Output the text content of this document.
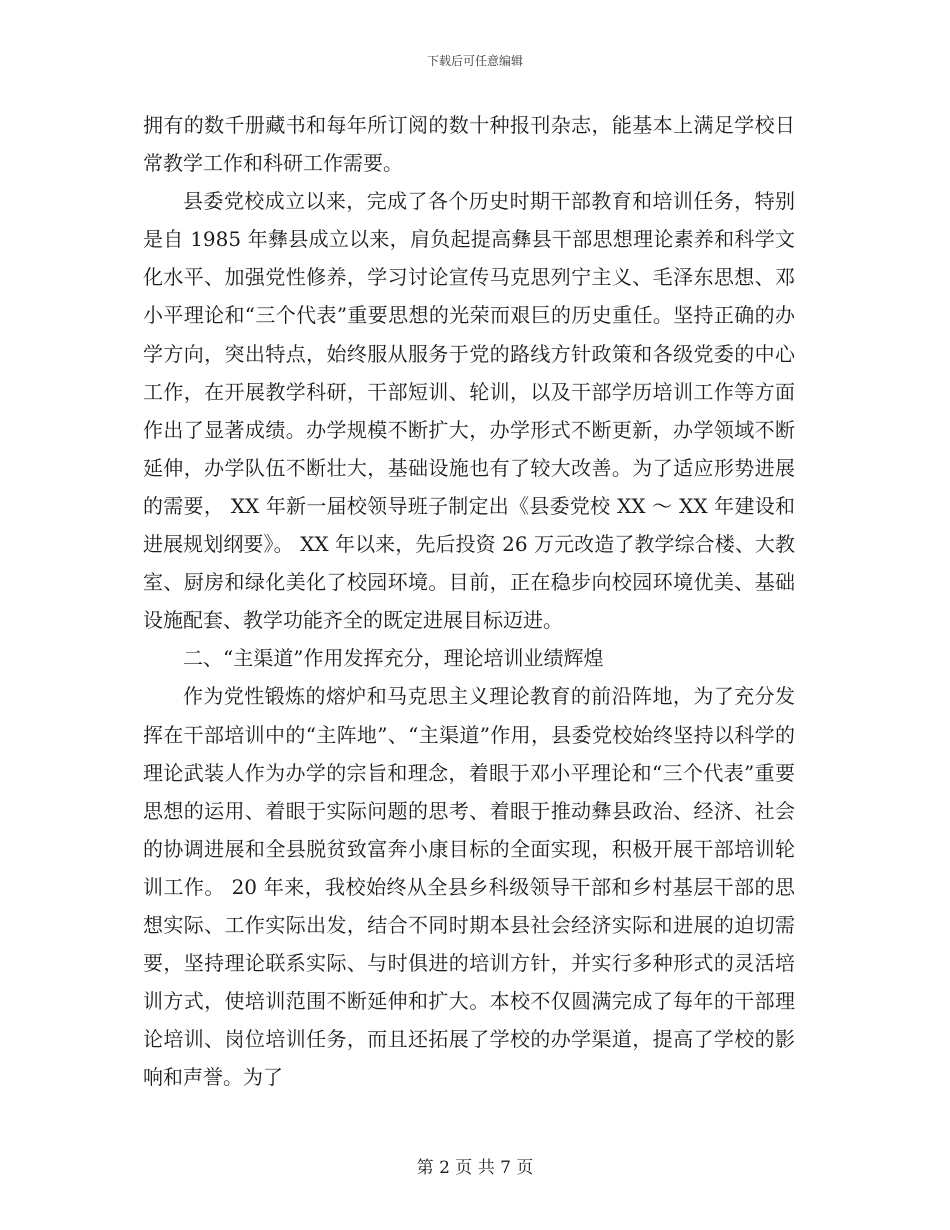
下载后可任意编辑

拥有的数千册藏书和每年所订阅的数十种报刊杂志，能基本上满足学校日常教学工作和科研工作需要。

县委党校成立以来，完成了各个历史时期干部教育和培训任务，特别是自 1985 年彝县成立以来，肩负起提高彝县干部思想理论素养和科学文化水平、加强党性修养，学习讨论宣传马克思列宁主义、毛泽东思想、邓小平理论和“三个代表”重要思想的光荣而艰巨的历史重任。坚持正确的办学方向，突出特点，始终服从服务于党的路线方针政策和各级党委的中心工作，在开展教学科研，干部短训、轮训，以及干部学历培训工作等方面作出了显著成绩。办学规模不断扩大，办学形式不断更新，办学领域不断延伸，办学队伍不断壮大，基础设施也有了较大改善。为了适应形势进展的需要， XX 年新一届校领导班子制定出《县委党校 XX ～ XX 年建设和进展规划纲要》。 XX 年以来，先后投资 26 万元改造了教学综合楼、大教室、厨房和绿化美化了校园环境。目前，正在稳步向校园环境优美、基础设施配套、教学功能齐全的既定进展目标迈进。

二、“主渠道”作用发挥充分，理论培训业绩辉煌

作为党性锻炼的熔炉和马克思主义理论教育的前沿阵地，为了充分发挥在干部培训中的“主阵地”、“主渠道”作用，县委党校始终坚持以科学的理论武装人作为办学的宗旨和理念，着眼于邓小平理论和“三个代表”重要思想的运用、着眼于实际问题的思考、着眼于推动彝县政治、经济、社会的协调进展和全县脱贫致富奔小康目标的全面实现，积极开展干部培训轮训工作。 20 年来，我校始终从全县乡科级领导干部和乡村基层干部的思想实际、工作实际出发，结合不同时期本县社会经济实际和进展的迫切需要，坚持理论联系实际、与时俱进的培训方针，并实行多种形式的灵活培训方式，使培训范围不断延伸和扩大。本校不仅圆满完成了每年的干部理论培训、岗位培训任务，而且还拓展了学校的办学渠道，提高了学校的影响和声誉。为了

第 2 页 共 7 页
